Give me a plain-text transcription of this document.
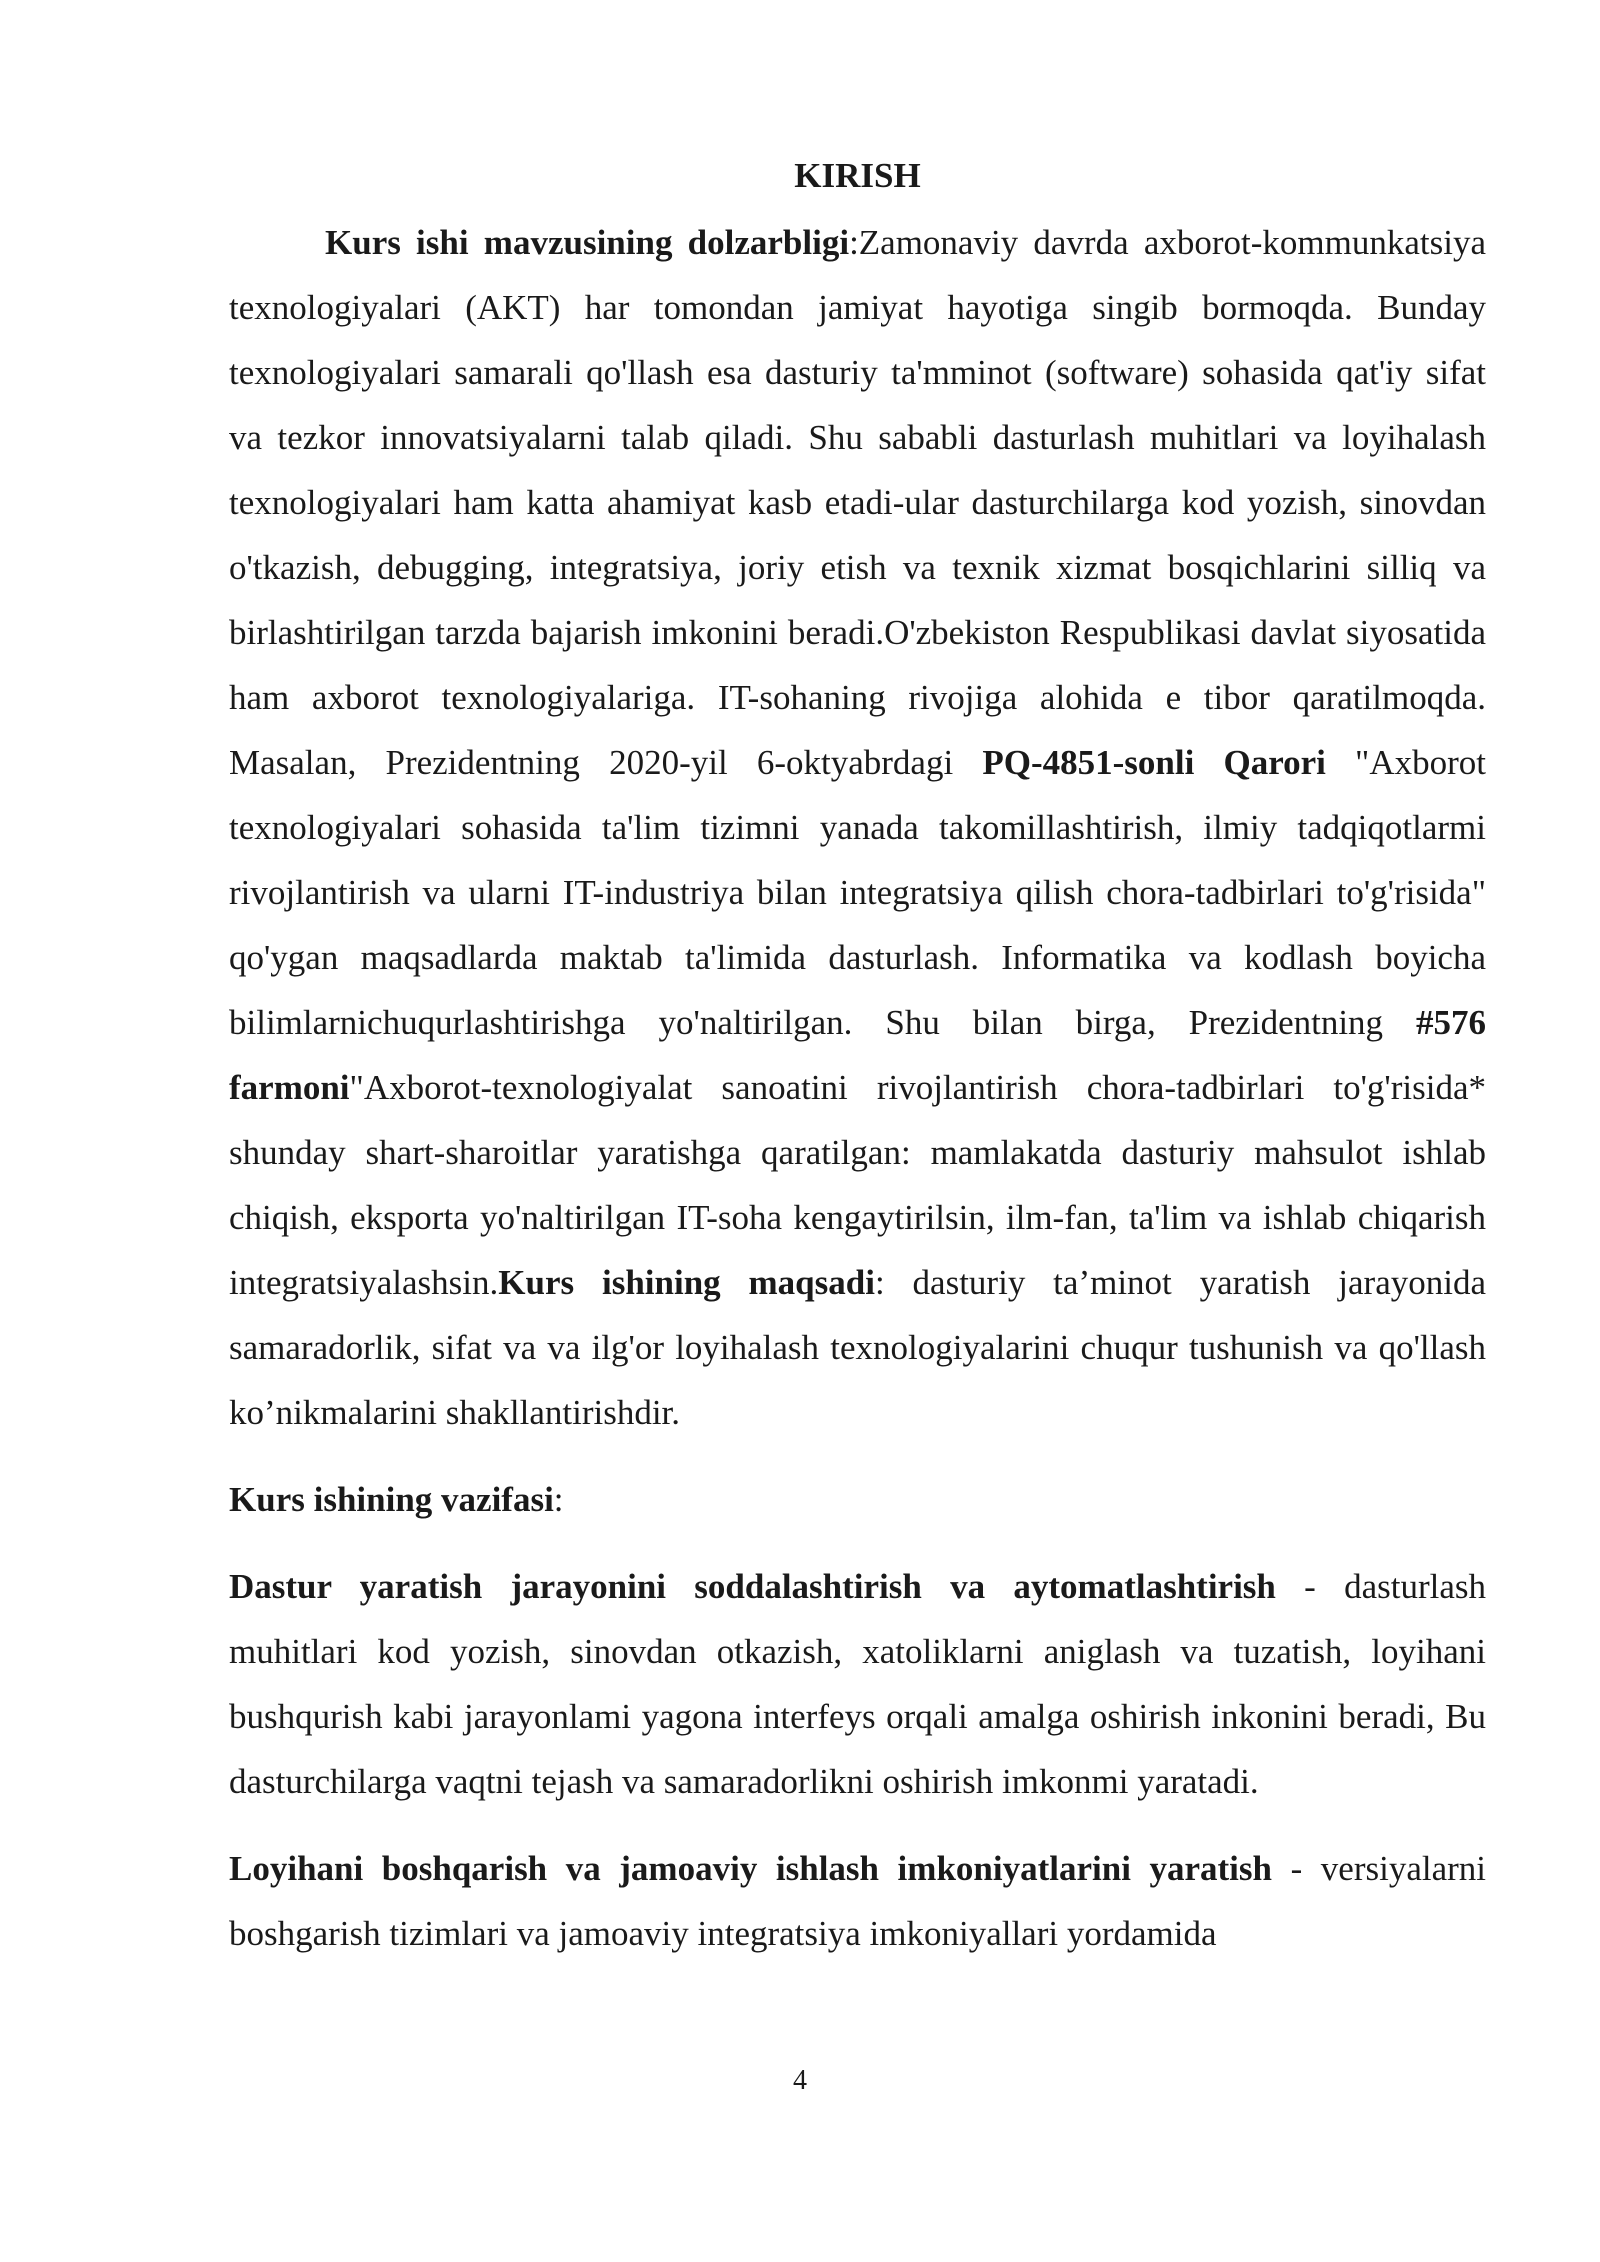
KIRISH

Kurs ishi mavzusining dolzarbligi:Zamonaviy davrda axborot-kommunkatsiya texnologiyalari (AKT) har tomondan jamiyat hayotiga singib bormoqda. Bunday texnologiyalari samarali qo'llash esa dasturiy ta'mminot (software) sohasida qat'iy sifat va tezkor innovatsiyalarni talab qiladi. Shu sababli dasturlash muhitlari va loyihalash texnologiyalari ham katta ahamiyat kasb etadi-ular dasturchilarga kod yozish, sinovdan o'tkazish, debugging, integratsiya, joriy etish va texnik xizmat bosqichlarini silliq va birlashtirilgan tarzda bajarish imkonini beradi.O'zbekiston Respublikasi davlat siyosatida ham axborot texnologiyalariga. IT-sohaning rivojiga alohida e tibor qaratilmoqda. Masalan, Prezidentning 2020-yil 6-oktyabrdagi PQ-4851-sonli Qarori "Axborot texnologiyalari sohasida ta'lim tizimni yanada takomillashtirish, ilmiy tadqiqotlarmi rivojlantirish va ularni IT-industriya bilan integratsiya qilish chora-tadbirlari to'g'risida" qo'ygan maqsadlarda maktab ta'limida dasturlash. Informatika va kodlash boyicha bilimlarnichuqurlashtirishga yo'naltirilgan. Shu bilan birga, Prezidentning #576 farmoni"Axborot-texnologiyalat sanoatini rivojlantirish chora-tadbirlari to'g'risida* shunday shart-sharoitlar yaratishga qaratilgan: mamlakatda dasturiy mahsulot ishlab chiqish, eksporta yo'naltirilgan IT-soha kengaytirilsin, ilm-fan, ta'lim va ishlab chiqarish integratsiyalashsin.Kurs ishining maqsadi: dasturiy ta’minot yaratish jarayonida samaradorlik, sifat va va ilg'or loyihalash texnologiyalarini chuqur tushunish va qo'llash ko’nikmalarini shakllantirishdir.

Kurs ishining vazifasi:

Dastur yaratish jarayonini soddalashtirish va aytomatlashtirish - dasturlash muhitlari kod yozish, sinovdan otkazish, xatoliklarni aniglash va tuzatish, loyihani bushqurish kabi jarayonlami yagona interfeys orqali amalga oshirish inkonini beradi, Bu dasturchilarga vaqtni tejash va samaradorlikni oshirish imkonmi yaratadi.

Loyihani boshqarish va jamoaviy ishlash imkoniyatlarini yaratish - versiyalarni boshgarish tizimlari va jamoaviy integratsiya imkoniyallari yordamida

4
